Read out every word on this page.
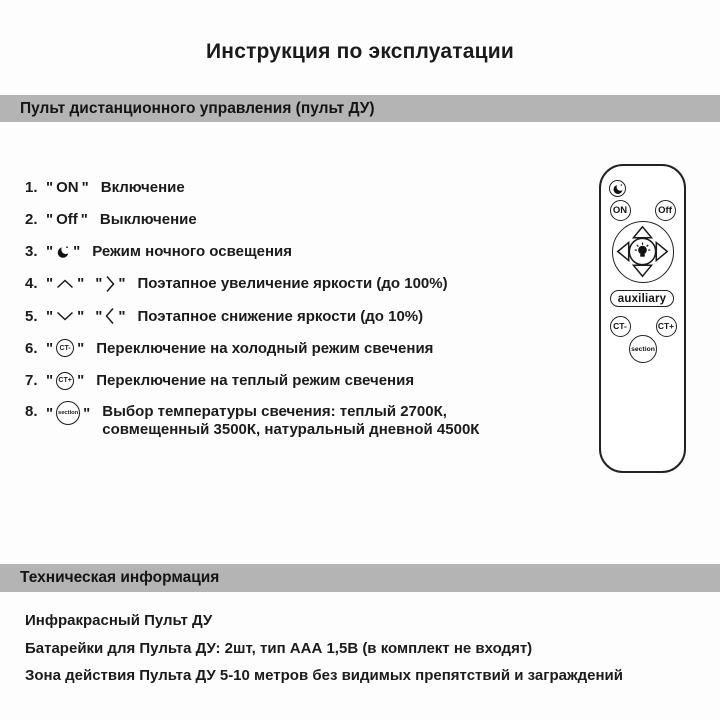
Инструкция по эксплуатации
Пульт дистанционного управления (пульт ДУ)
1. " ON " Включение
2. " Off " Выключение
3. " " Режим ночного освещения
4. " " " " Поэтапное увеличение яркости (до 100%)
5. " " " " Поэтапное снижение яркости (до 10%)
6. " CT- " Переключение на холодный режим свечения
7. " CT+ " Переключение на теплый режим свечения
8. " section " Выбор температуры свечения: теплый 2700К,
совмещенный 3500К, натуральный дневной 4500К
ON	Off
auxiliary
CT-	CT+
section
Техническая информация
Инфракрасный Пульт ДУ
Батарейки для Пульта ДУ: 2шт, тип ААА 1,5В (в комплект не входят)
Зона действия Пульта ДУ 5-10 метров без видимых препятствий и заграждений
